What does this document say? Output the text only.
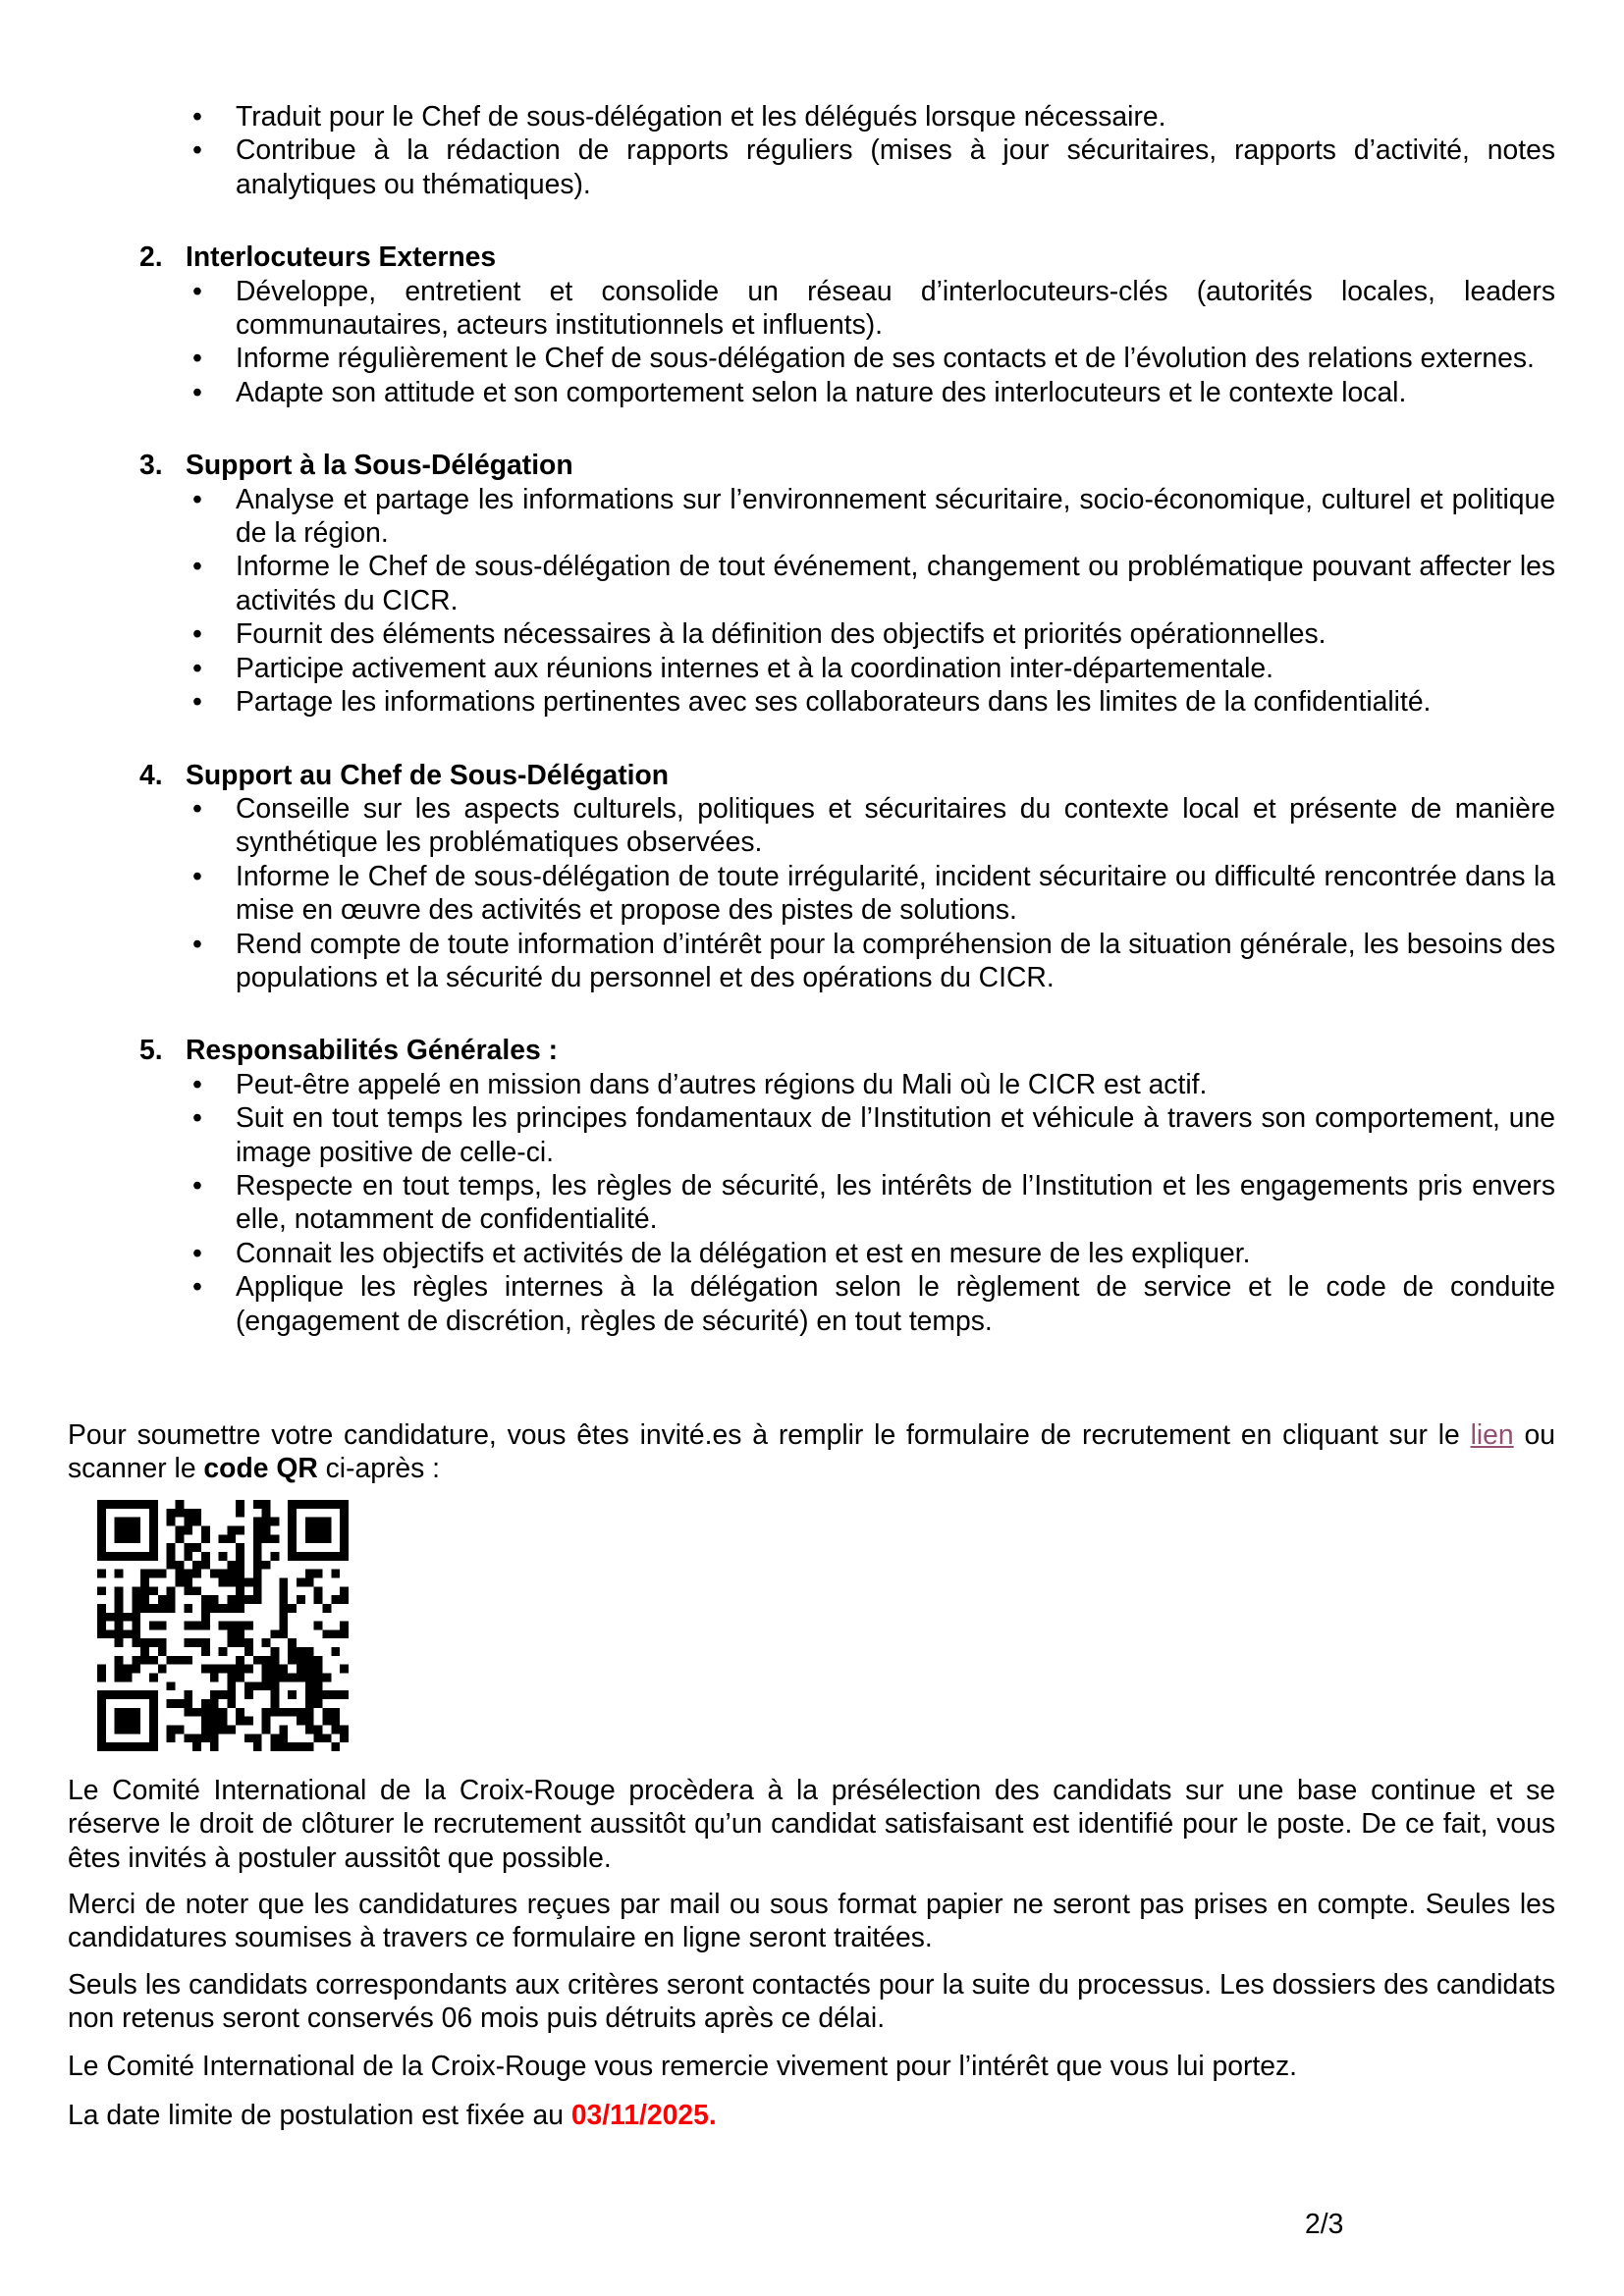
•
Traduit pour le Chef de sous-délégation et les délégués lorsque nécessaire.
•
Contribue à la rédaction de rapports réguliers (mises à jour sécuritaires, rapports d’activité, notes analytiques ou thématiques).
2. Interlocuteurs Externes
•
Développe, entretient et consolide un réseau d’interlocuteurs-clés (autorités locales, leaders communautaires, acteurs institutionnels et influents).
•
Informe régulièrement le Chef de sous-délégation de ses contacts et de l’évolution des relations externes.
•
Adapte son attitude et son comportement selon la nature des interlocuteurs et le contexte local.
3. Support à la Sous-Délégation
•
Analyse et partage les informations sur l’environnement sécuritaire, socio-économique, culturel et politique de la région.
•
Informe le Chef de sous-délégation de tout événement, changement ou problématique pouvant affecter les activités du CICR.
•
Fournit des éléments nécessaires à la définition des objectifs et priorités opérationnelles.
•
Participe activement aux réunions internes et à la coordination inter-départementale.
•
Partage les informations pertinentes avec ses collaborateurs dans les limites de la confidentialité.
4. Support au Chef de Sous-Délégation
•
Conseille sur les aspects culturels, politiques et sécuritaires du contexte local et présente de manière synthétique les problématiques observées.
•
Informe le Chef de sous-délégation de toute irrégularité, incident sécuritaire ou difficulté rencontrée dans la mise en œuvre des activités et propose des pistes de solutions.
•
Rend compte de toute information d’intérêt pour la compréhension de la situation générale, les besoins des populations et la sécurité du personnel et des opérations du CICR.
5. Responsabilités Générales :
•
Peut-être appelé en mission dans d’autres régions du Mali où le CICR est actif.
•
Suit en tout temps les principes fondamentaux de l’Institution et véhicule à travers son comportement, une image positive de celle-ci.
•
Respecte en tout temps, les règles de sécurité, les intérêts de l’Institution et les engagements pris envers elle, notamment de confidentialité.
•
Connait les objectifs et activités de la délégation et est en mesure de les expliquer.
•
Applique les règles internes à la délégation selon le règlement de service et le code de conduite (engagement de discrétion, règles de sécurité) en tout temps.

Pour soumettre votre candidature, vous êtes invité.es à remplir le formulaire de recrutement en cliquant sur le lien ou scanner le code QR ci-après :

Le Comité International de la Croix-Rouge procèdera à la présélection des candidats sur une base continue et se réserve le droit de clôturer le recrutement aussitôt qu’un candidat satisfaisant est identifié pour le poste. De ce fait, vous êtes invités à postuler aussitôt que possible.

Merci de noter que les candidatures reçues par mail ou sous format papier ne seront pas prises en compte. Seules les candidatures soumises à travers ce formulaire en ligne seront traitées.

Seuls les candidats correspondants aux critères seront contactés pour la suite du processus. Les dossiers des candidats non retenus seront conservés 06 mois puis détruits après ce délai.

Le Comité International de la Croix-Rouge vous remercie vivement pour l’intérêt que vous lui portez.

La date limite de postulation est fixée au 03/11/2025.

2/3
